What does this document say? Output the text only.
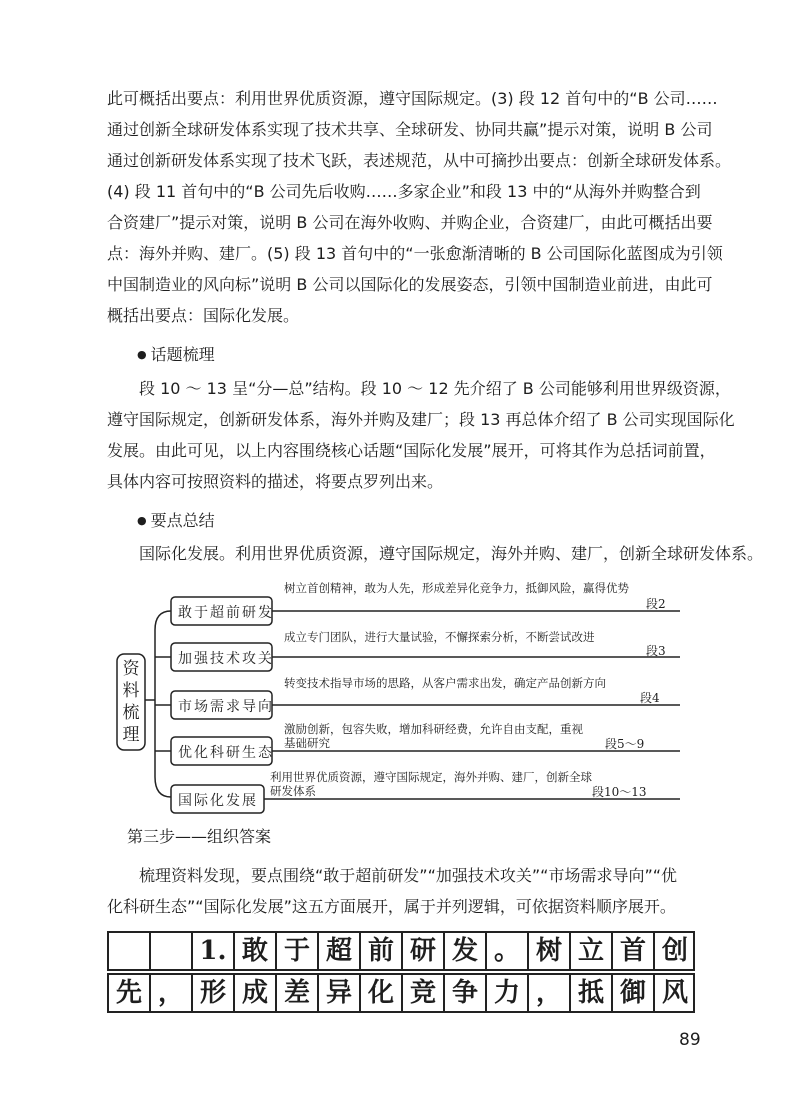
此可概括出要点：利用世界优质资源，遵守国际规定。(3) 段 12 首句中的“B 公司……
通过创新全球研发体系实现了技术共享、全球研发、协同共赢”提示对策，说明 B 公司
通过创新研发体系实现了技术飞跃，表述规范，从中可摘抄出要点：创新全球研发体系。
(4) 段 11 首句中的“B 公司先后收购……多家企业”和段 13 中的“从海外并购整合到
合资建厂”提示对策，说明 B 公司在海外收购、并购企业，合资建厂，由此可概括出要
点：海外并购、建厂。(5) 段 13 首句中的“一张愈渐清晰的 B 公司国际化蓝图成为引领
中国制造业的风向标”说明 B 公司以国际化的发展姿态，引领中国制造业前进，由此可
概括出要点：国际化发展。
● 话题梳理
段 10 ～ 13 呈“分—总”结构。段 10 ～ 12 先介绍了 B 公司能够利用世界级资源，
遵守国际规定，创新研发体系，海外并购及建厂；段 13 再总体介绍了 B 公司实现国际化
发展。由此可见，以上内容围绕核心话题“国际化发展”展开，可将其作为总括词前置，
具体内容可按照资料的描述，将要点罗列出来。
● 要点总结
国际化发展。利用世界优质资源，遵守国际规定，海外并购、建厂，创新全球研发体系。
资
料
梳
理
敢于超前研发
树立首创精神，敢为人先，形成差异化竞争力，抵御风险，赢得优势
段2
加强技术攻关
成立专门团队，进行大量试验，不懈探索分析，不断尝试改进
段3
市场需求导向
转变技术指导市场的思路，从客户需求出发，确定产品创新方向
段4
优化科研生态
激励创新，包容失败，增加科研经费，允许自由支配，重视基础研究	段5～9
国际化发展
利用世界优质资源，遵守国际规定，海外并购、建厂，创新全球研发体系	段10～13
第三步——组织答案
梳理资料发现，要点围绕“敢于超前研发”“加强技术攻关”“市场需求导向”“优
化科研生态”“国际化发展”这五方面展开，属于并列逻辑，可依据资料顺序展开。
1. 敢 于 超 前 研 发 。 树 立 首 创
先 ， 形 成 差 异 化 竞 争 力 ， 抵 御 风
89
